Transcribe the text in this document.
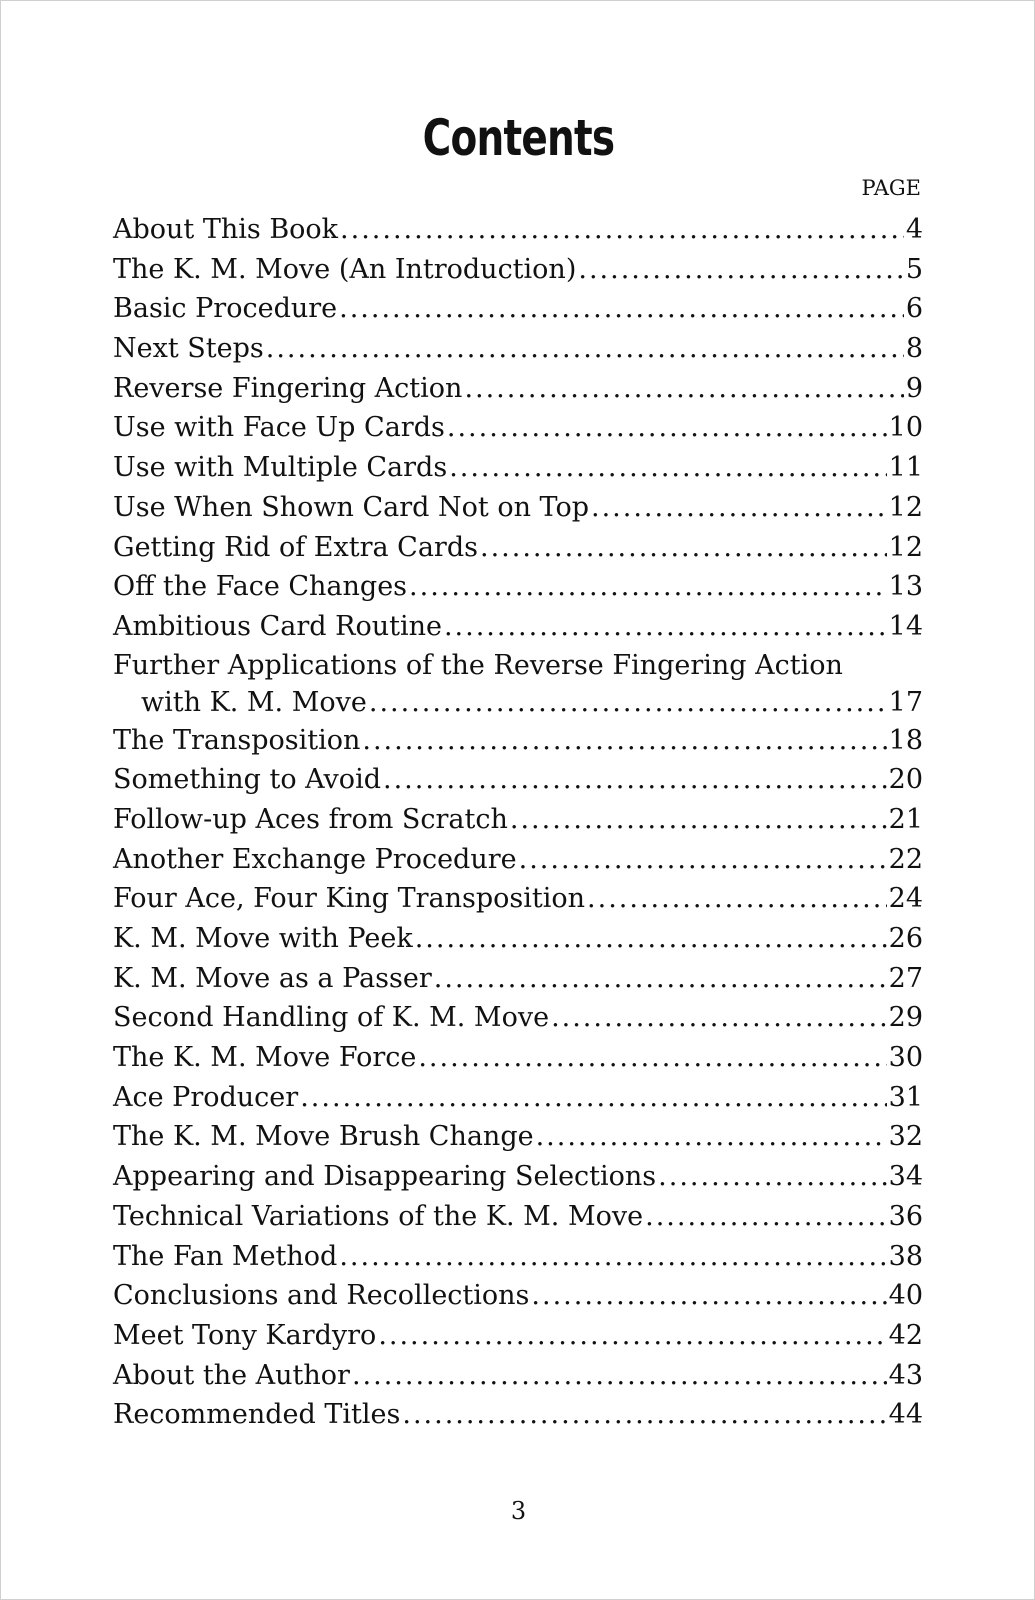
Contents
PAGE
About This Book .....	4
The K. M. Move (An Introduction) .....	5
Basic Procedure .....	6
Next Steps .....	8
Reverse Fingering Action .....	9
Use with Face Up Cards .....	10
Use with Multiple Cards .....	11
Use When Shown Card Not on Top .....	12
Getting Rid of Extra Cards .....	12
Off the Face Changes .....	13
Ambitious Card Routine .....	14
Further Applications of the Reverse Fingering Action
with K. M. Move .....	17
The Transposition .....	18
Something to Avoid .....	20
Follow-up Aces from Scratch .....	21
Another Exchange Procedure .....	22
Four Ace, Four King Transposition .....	24
K. M. Move with Peek .....	26
K. M. Move as a Passer .....	27
Second Handling of K. M. Move .....	29
The K. M. Move Force .....	30
Ace Producer .....	31
The K. M. Move Brush Change .....	32
Appearing and Disappearing Selections .....	34
Technical Variations of the K. M. Move .....	36
The Fan Method .....	38
Conclusions and Recollections .....	40
Meet Tony Kardyro .....	42
About the Author .....	43
Recommended Titles .....	44
3
